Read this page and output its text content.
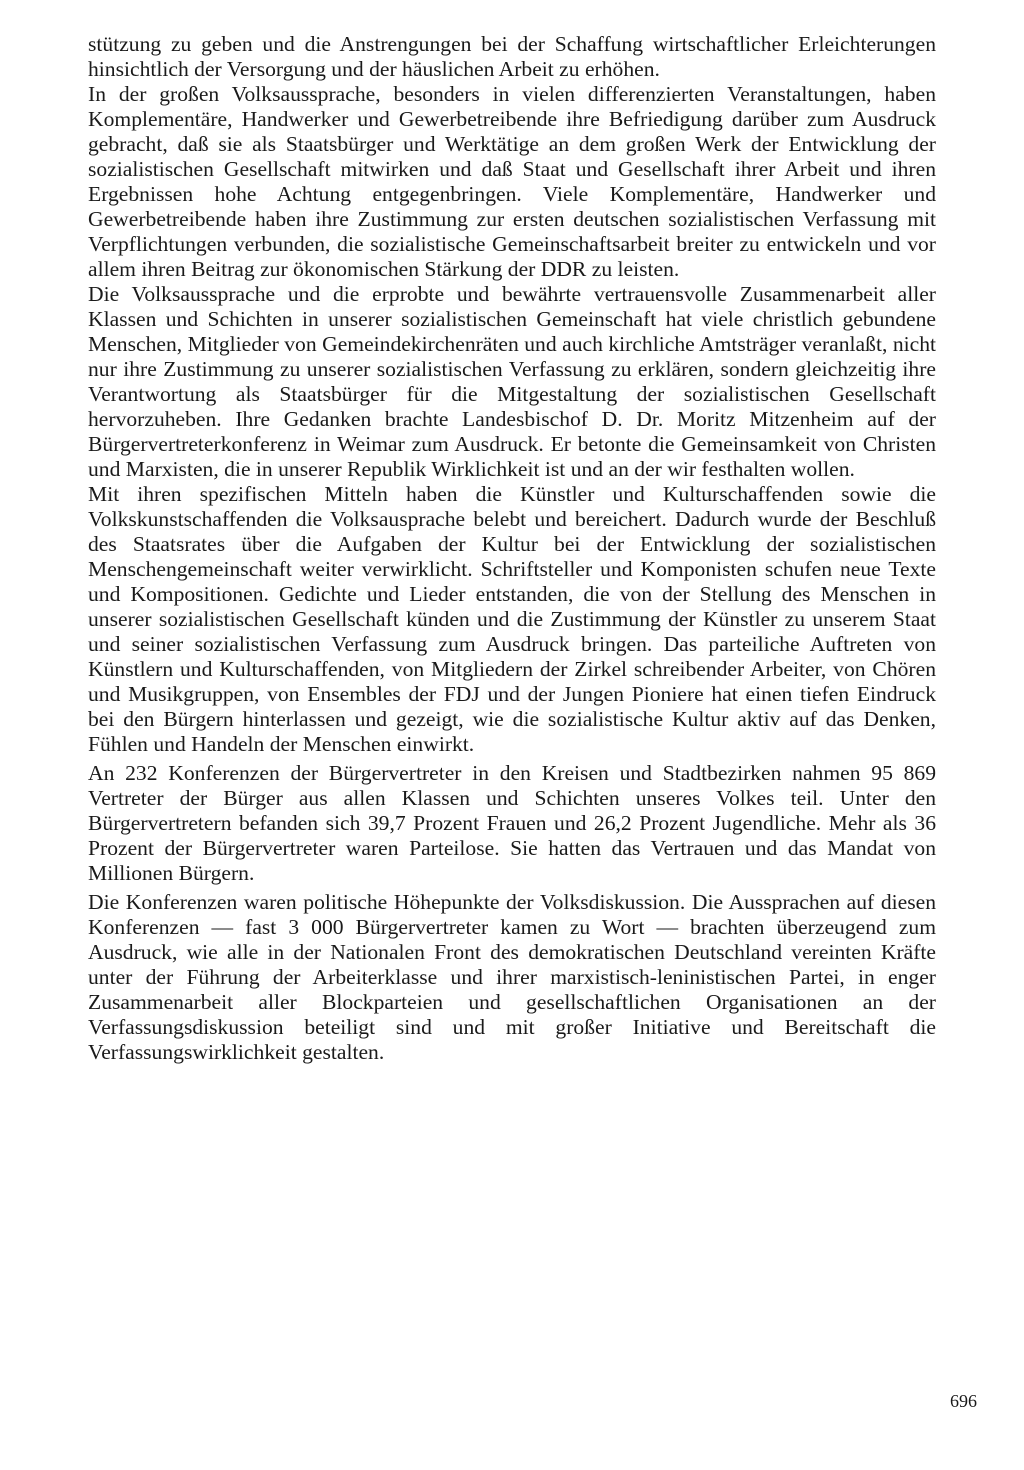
stützung zu geben und die Anstrengungen bei der Schaffung wirtschaftlicher Erleichterungen hinsichtlich der Versorgung und der häuslichen Arbeit zu erhöhen.

In der großen Volksaussprache, besonders in vielen differenzierten Veranstaltungen, haben Komplementäre, Handwerker und Gewerbetreibende ihre Befriedigung darüber zum Ausdruck gebracht, daß sie als Staatsbürger und Werktätige an dem großen Werk der Entwicklung der sozialistischen Gesellschaft mitwirken und daß Staat und Gesellschaft ihrer Arbeit und ihren Ergebnissen hohe Achtung entgegenbringen. Viele Komplementäre, Handwerker und Gewerbetreibende haben ihre Zustimmung zur ersten deutschen sozialistischen Verfassung mit Verpflichtungen verbunden, die sozialistische Gemeinschaftsarbeit breiter zu entwickeln und vor allem ihren Beitrag zur ökonomischen Stärkung der DDR zu leisten.

Die Volksaussprache und die erprobte und bewährte vertrauensvolle Zusammenarbeit aller Klassen und Schichten in unserer sozialistischen Gemeinschaft hat viele christlich gebundene Menschen, Mitglieder von Gemeindekirchenräten und auch kirchliche Amtsträger veranlaßt, nicht nur ihre Zustimmung zu unserer sozialistischen Verfassung zu erklären, sondern gleichzeitig ihre Verantwortung als Staatsbürger für die Mitgestaltung der sozialistischen Gesellschaft hervorzuheben. Ihre Gedanken brachte Landesbischof D. Dr. Moritz Mitzenheim auf der Bürgervertreterkonferenz in Weimar zum Ausdruck. Er betonte die Gemeinsamkeit von Christen und Marxisten, die in unserer Republik Wirklichkeit ist und an der wir festhalten wollen.

Mit ihren spezifischen Mitteln haben die Künstler und Kulturschaffenden sowie die Volkskunstschaffenden die Volksausprache belebt und bereichert. Dadurch wurde der Beschluß des Staatsrates über die Aufgaben der Kultur bei der Entwicklung der sozialistischen Menschengemeinschaft weiter verwirklicht. Schriftsteller und Komponisten schufen neue Texte und Kompositionen. Gedichte und Lieder entstanden, die von der Stellung des Menschen in unserer sozialistischen Gesellschaft künden und die Zustimmung der Künstler zu unserem Staat und seiner sozialistischen Verfassung zum Ausdruck bringen. Das parteiliche Auftreten von Künstlern und Kulturschaffenden, von Mitgliedern der Zirkel schreibender Arbeiter, von Chören und Musikgruppen, von Ensembles der FDJ und der Jungen Pioniere hat einen tiefen Eindruck bei den Bürgern hinterlassen und gezeigt, wie die sozialistische Kultur aktiv auf das Denken, Fühlen und Handeln der Menschen einwirkt.

An 232 Konferenzen der Bürgervertreter in den Kreisen und Stadtbezirken nahmen 95 869 Vertreter der Bürger aus allen Klassen und Schichten unseres Volkes teil. Unter den Bürgervertretern befanden sich 39,7 Prozent Frauen und 26,2 Prozent Jugendliche. Mehr als 36 Prozent der Bürgervertreter waren Parteilose. Sie hatten das Vertrauen und das Mandat von Millionen Bürgern.

Die Konferenzen waren politische Höhepunkte der Volksdiskussion. Die Aussprachen auf diesen Konferenzen — fast 3 000 Bürgervertreter kamen zu Wort — brachten überzeugend zum Ausdruck, wie alle in der Nationalen Front des demokratischen Deutschland vereinten Kräfte unter der Führung der Arbeiterklasse und ihrer marxistisch-leninistischen Partei, in enger Zusammenarbeit aller Blockparteien und gesellschaftlichen Organisationen an der Verfassungsdiskussion beteiligt sind und mit großer Initiative und Bereitschaft die Verfassungswirklichkeit gestalten.

696
